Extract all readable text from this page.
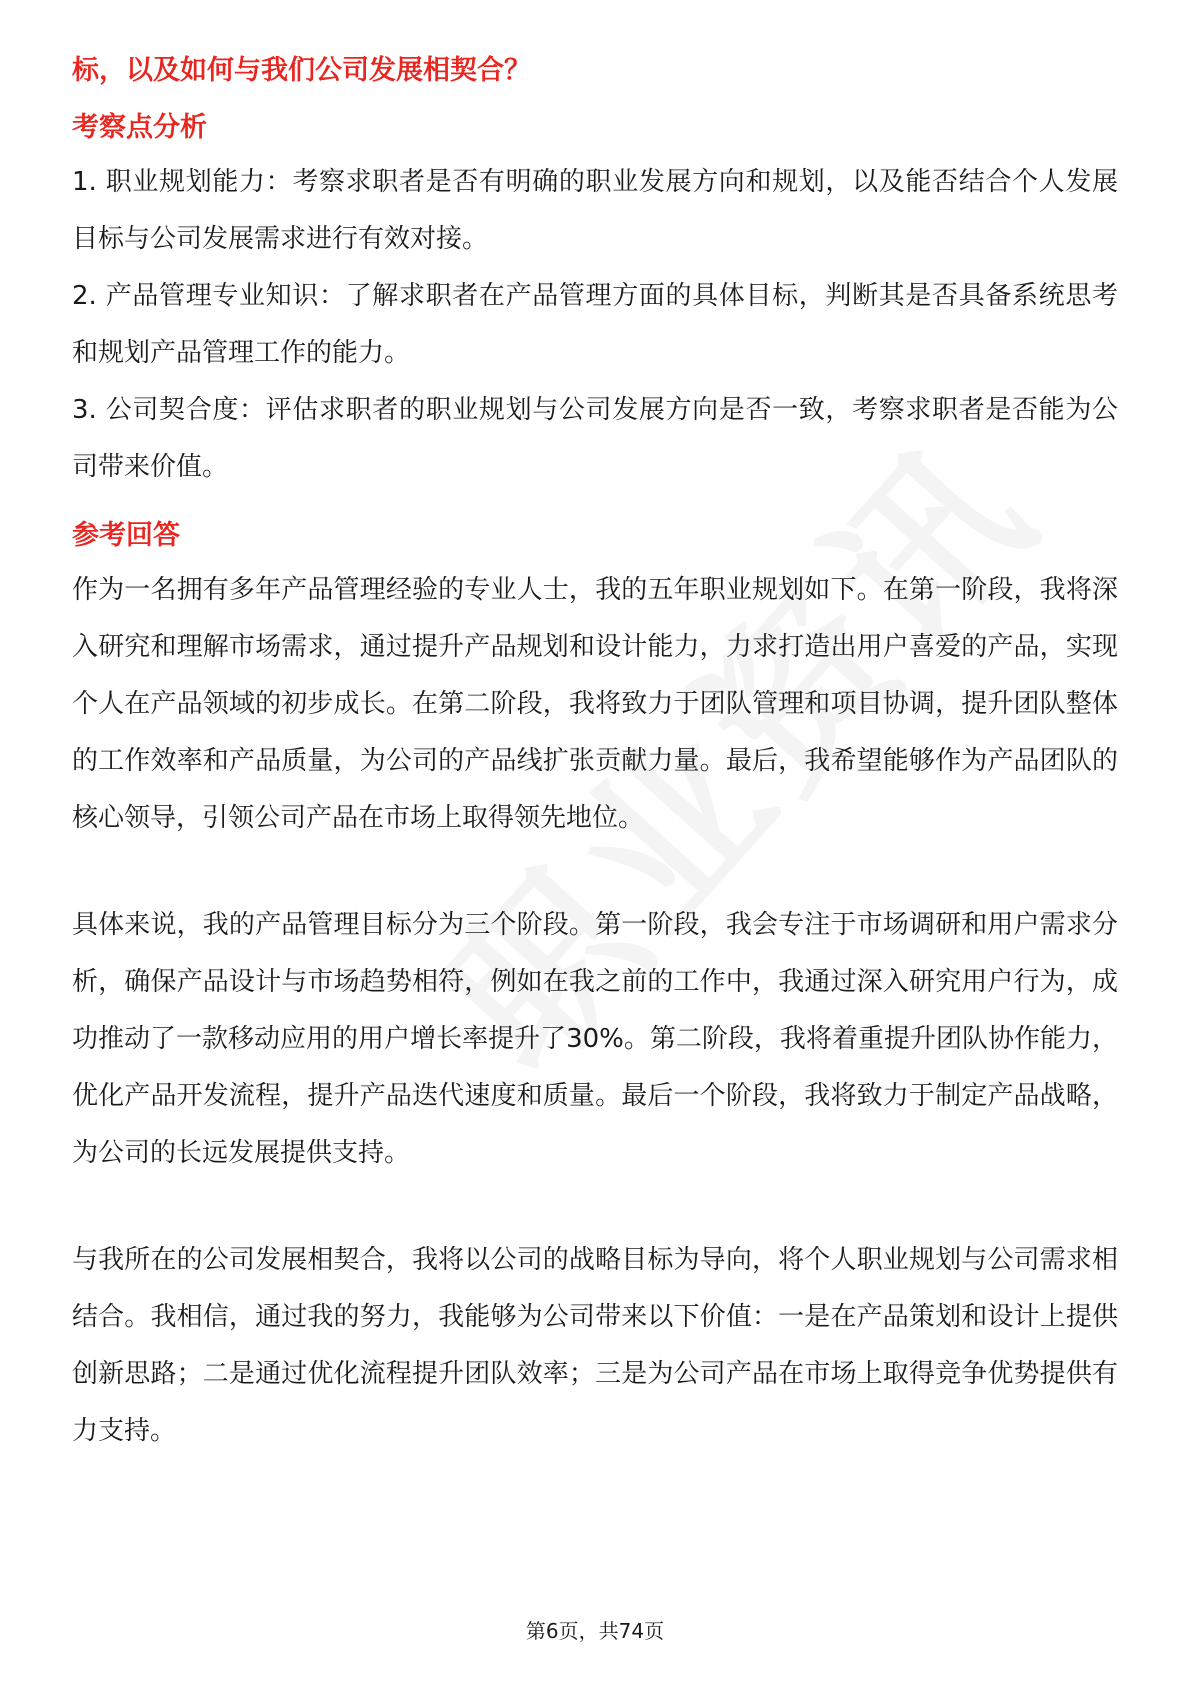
标，以及如何与我们公司发展相契合？

考察点分析

1. 职业规划能力：考察求职者是否有明确的职业发展方向和规划，以及能否结合个人发展目标与公司发展需求进行有效对接。

2. 产品管理专业知识：了解求职者在产品管理方面的具体目标，判断其是否具备系统思考和规划产品管理工作的能力。

3. 公司契合度：评估求职者的职业规划与公司发展方向是否一致，考察求职者是否能为公司带来价值。

参考回答

作为一名拥有多年产品管理经验的专业人士，我的五年职业规划如下。在第一阶段，我将深入研究和理解市场需求，通过提升产品规划和设计能力，力求打造出用户喜爱的产品，实现个人在产品领域的初步成长。在第二阶段，我将致力于团队管理和项目协调，提升团队整体的工作效率和产品质量，为公司的产品线扩张贡献力量。最后，我希望能够作为产品团队的核心领导，引领公司产品在市场上取得领先地位。

具体来说，我的产品管理目标分为三个阶段。第一阶段，我会专注于市场调研和用户需求分析，确保产品设计与市场趋势相符，例如在我之前的工作中，我通过深入研究用户行为，成功推动了一款移动应用的用户增长率提升了30%。第二阶段，我将着重提升团队协作能力，优化产品开发流程，提升产品迭代速度和质量。最后一个阶段，我将致力于制定产品战略，为公司的长远发展提供支持。

与我所在的公司发展相契合，我将以公司的战略目标为导向，将个人职业规划与公司需求相结合。我相信，通过我的努力，我能够为公司带来以下价值：一是在产品策划和设计上提供创新思路；二是通过优化流程提升团队效率；三是为公司产品在市场上取得竞争优势提供有力支持。

第6页，共74页
